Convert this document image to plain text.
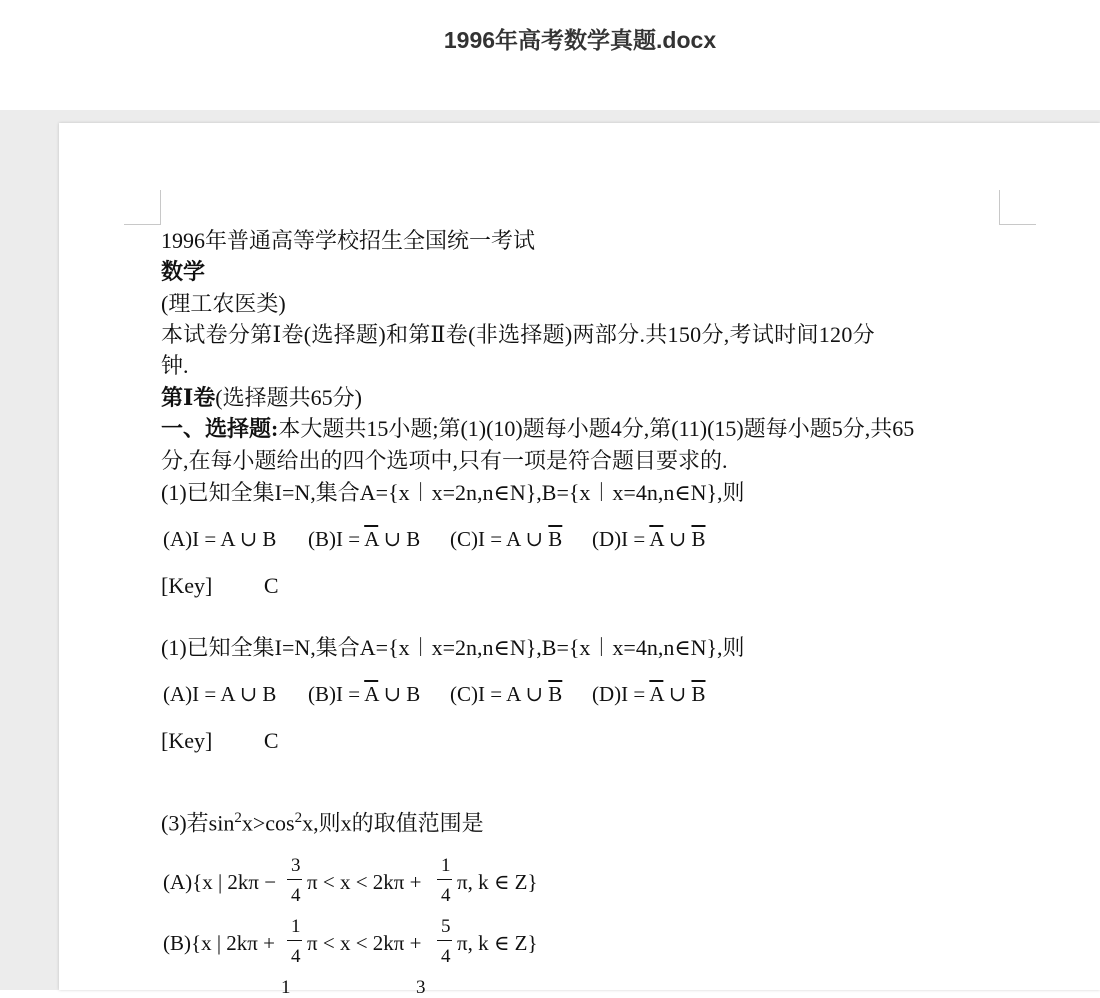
1996年高考数学真题.docx
1996年普通高等学校招生全国统一考试
数学
(理工农医类)
本试卷分第Ⅰ卷(选择题)和第Ⅱ卷(非选择题)两部分.共150分,考试时间120分
钟.
第Ⅰ卷(选择题共65分)
一、选择题:本大题共15小题;第(1)(10)题每小题4分,第(11)(15)题每小题5分,共65
分,在每小题给出的四个选项中,只有一项是符合题目要求的.
(1)已知全集I=N,集合A={x︱x=2n,n∈N},B={x︱x=4n,n∈N},则
(A)I = A ∪ B $(B)I = \overline{A}$ ∪ B (C)I = A ∪ $\overline{B}$ $(D)I = \overline{A}$ ∪ $\overline{B}$
[Key] C
(1)已知全集I=N,集合A={x︱x=2n,n∈N},B={x︱x=4n,n∈N},则
(A)I = A ∪ B $(B)I = \overline{A}$ ∪ B (C)I = A ∪ $\overline{B}$ $(D)I = \overline{A}$ ∪ $\overline{B}$
[Key] C
(3)若$\sin^2x>\cos^2x$,则x的取值范围是
(A){x | 2kπ −
3
4
π < x < 2kπ +
1
4
π, k ∈ Z}
(B){x | 2kπ +
1
4
π < x < 2kπ +
5
4
π, k ∈ Z}
1	3
